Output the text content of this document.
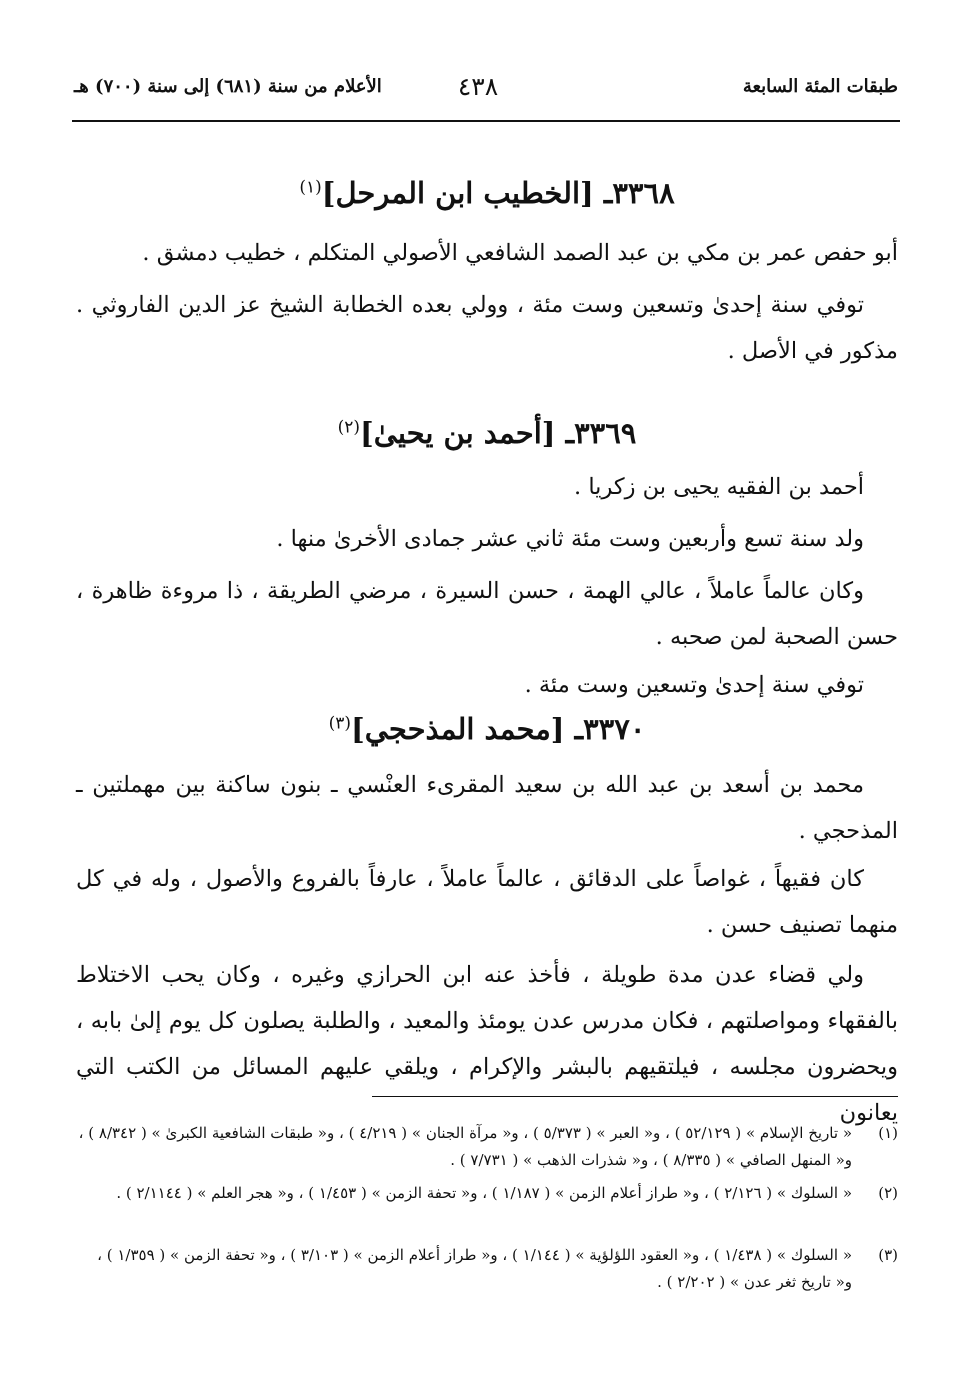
طبقات المئة السابعة
٤٣٨
الأعلام من سنة (٦٨١) إلى سنة (٧٠٠) هـ
٣٣٦٨ـ [الخطيب ابن المرحل]$^{(١)}$
أبو حفص عمر بن مكي بن عبد الصمد الشافعي الأصولي المتكلم ، خطيب دمشق .
توفي سنة إحدىٰ وتسعين وست مئة ، وولي بعده الخطابة الشيخ عز الدين الفاروثي . مذكور في الأصل .
٣٣٦٩ـ [أحمد بن يحيىٰ]$^{(٢)}$
أحمد بن الفقيه يحيى بن زكريا .
ولد سنة تسع وأربعين وست مئة ثاني عشر جمادى الأخرىٰ منها .
وكان عالماً عاملاً ، عالي الهمة ، حسن السيرة ، مرضي الطريقة ، ذا مروءة ظاهرة ، حسن الصحبة لمن صحبه .
توفي سنة إحدىٰ وتسعين وست مئة .
٣٣٧٠ـ [محمد المذحجي]$^{(٣)}$
محمد بن أسعد بن عبد الله بن سعيد المقرىء العنْسي ـ بنون ساكنة بين مهملتين ـ المذحجي .
كان فقيهاً ، غواصاً على الدقائق ، عالماً عاملاً ، عارفاً بالفروع والأصول ، وله في كل منهما تصنيف حسن .
ولي قضاء عدن مدة طويلة ، فأخذ عنه ابن الحرازي وغيره ، وكان يحب الاختلاط بالفقهاء ومواصلتهم ، فكان مدرس عدن يومئذ والمعيد ، والطلبة يصلون كل يوم إلىٰ بابه ، ويحضرون مجلسه ، فيلتقيهم بالبشر والإكرام ، ويلقي عليهم المسائل من الكتب التي يعانون
(١)
« تاريخ الإسلام » ( ٥٢/١٢٩ ) ، و« العبر » ( ٥/٣٧٣ ) ، و« مرآة الجنان » ( ٤/٢١٩ ) ، و« طبقات الشافعية الكبرىٰ » ( ٨/٣٤٢ ) ، و« المنهل الصافي » ( ٨/٣٣٥ ) ، و« شذرات الذهب » ( ٧/٧٣١ ) .
(٢)
« السلوك » ( ٢/١٢٦ ) ، و« طراز أعلام الزمن » ( ١/١٨٧ ) ، و« تحفة الزمن » ( ١/٤٥٣ ) ، و« هجر العلم » ( ٢/١١٤٤ ) .
(٣)
« السلوك » ( ١/٤٣٨ ) ، و« العقود اللؤلؤية » ( ١/١٤٤ ) ، و« طراز أعلام الزمن » ( ٣/١٠٣ ) ، و« تحفة الزمن » ( ١/٣٥٩ ) ، و« تاريخ ثغر عدن » ( ٢/٢٠٢ ) .
